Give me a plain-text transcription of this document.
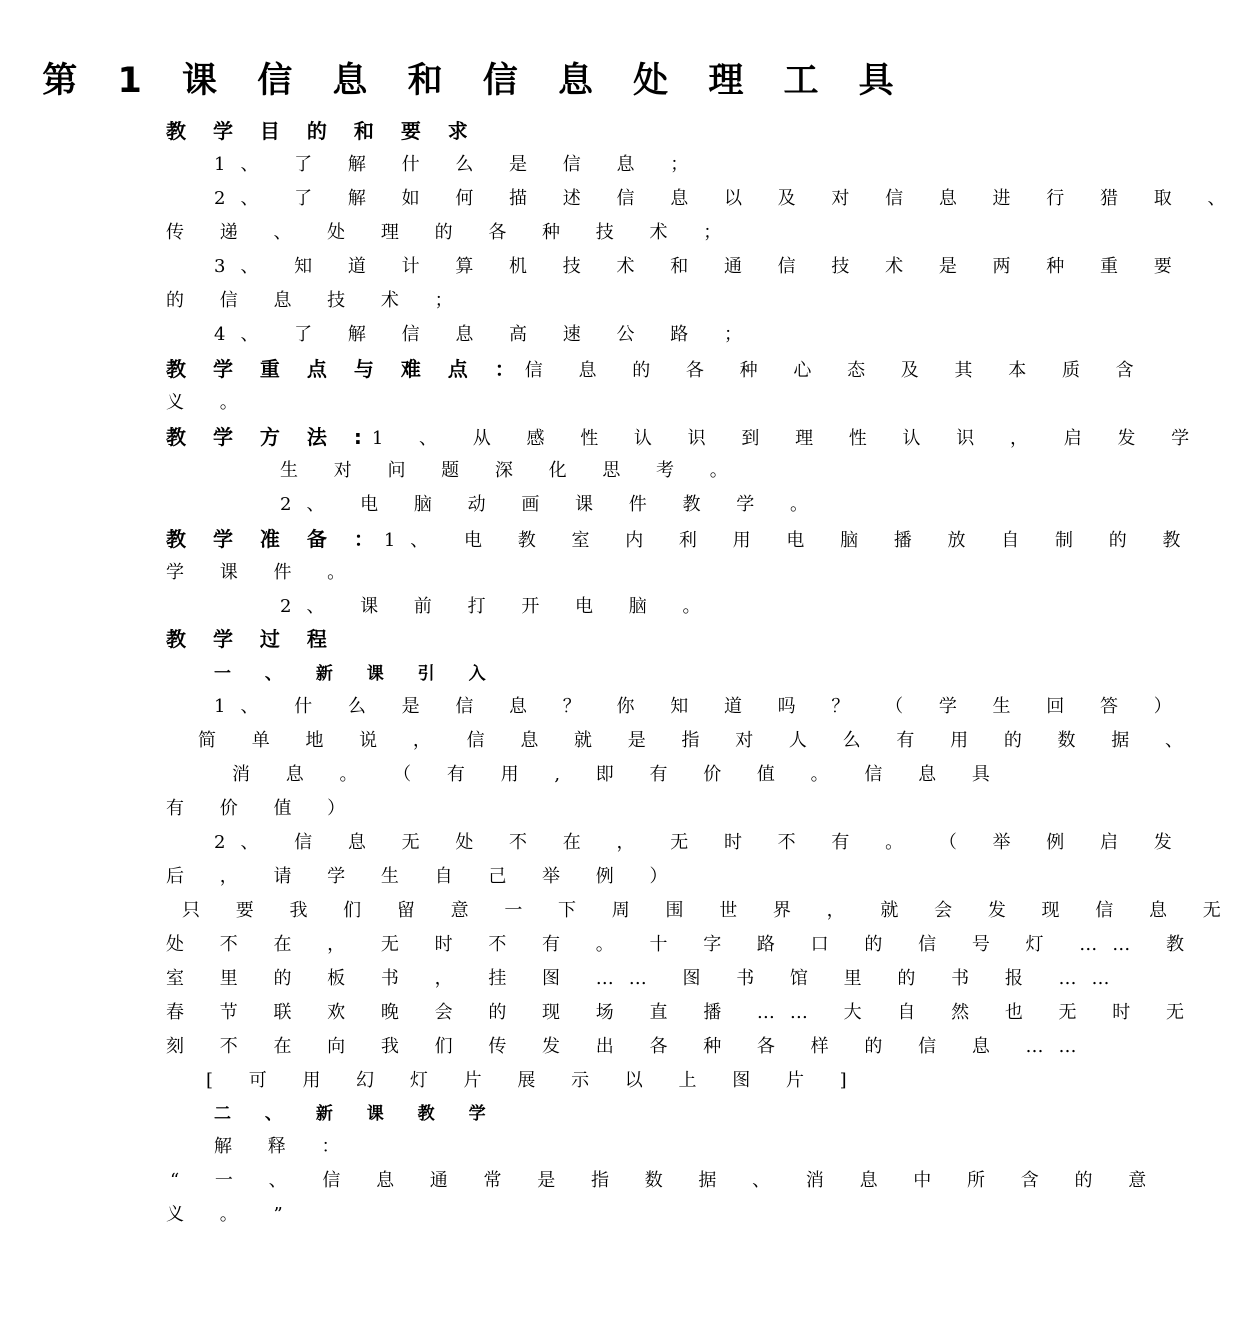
第 1 课 信 息 和 信 息 处 理 工 具
教 学 目 的 和 要 求
1、 了 解 什 么 是 信 息 ；
2、 了 解 如 何 描 述 信 息 以 及 对 信 息 进 行 猎 取 、
传 递 、 处 理 的 各 种 技 术 ；
3、 知 道 计 算 机 技 术 和 通 信 技 术 是 两 种 重 要
的 信 息 技 术 ；
4、 了 解 信 息 高 速 公 路 ；
教 学 重 点 与 难 点 ：信 息 的 各 种 心 态 及 其 本 质 含
义 。
教 学 方 法 :1 、 从 感 性 认 识 到 理 性 认 识 ， 启 发 学
生 对 问 题 深 化 思 考 。
2、 电 脑 动 画 课 件 教 学 。
教 学 准 备 ：1、 电 教 室 内 利 用 电 脑 播 放 自 制 的 教
学 课 件 。
2、 课 前 打 开 电 脑 。
教 学 过 程
一 、 新 课 引 入
1、 什 么 是 信 息 ？ 你 知 道 吗 ？ （ 学 生 回 答 ）
简 单 地 说 ， 信 息 就 是 指 对 人 么 有 用 的 数 据 、
消 息 。 （ 有 用 , 即 有 价 值 。 信 息 具
有 价 值 ）
2、 信 息 无 处 不 在 ， 无 时 不 有 。 （ 举 例 启 发
后 ， 请 学 生 自 己 举 例 ）
只 要 我 们 留 意 一 下 周 围 世 界 ， 就 会 发 现 信 息 无
处 不 在 ， 无 时 不 有 。 十 字 路 口 的 信 号 灯 …… 教
室 里 的 板 书 ， 挂 图 …… 图 书 馆 里 的 书 报 ……
春 节 联 欢 晚 会 的 现 场 直 播 …… 大 自 然 也 无 时 无
刻 不 在 向 我 们 传 发 出 各 种 各 样 的 信 息 ……
[ 可 用 幻 灯 片 展 示 以 上 图 片 ]
二 、 新 课 教 学
解 释 ：
“ 一 、 信 息 通 常 是 指 数 据 、 消 息 中 所 含 的 意
义 。 ”
